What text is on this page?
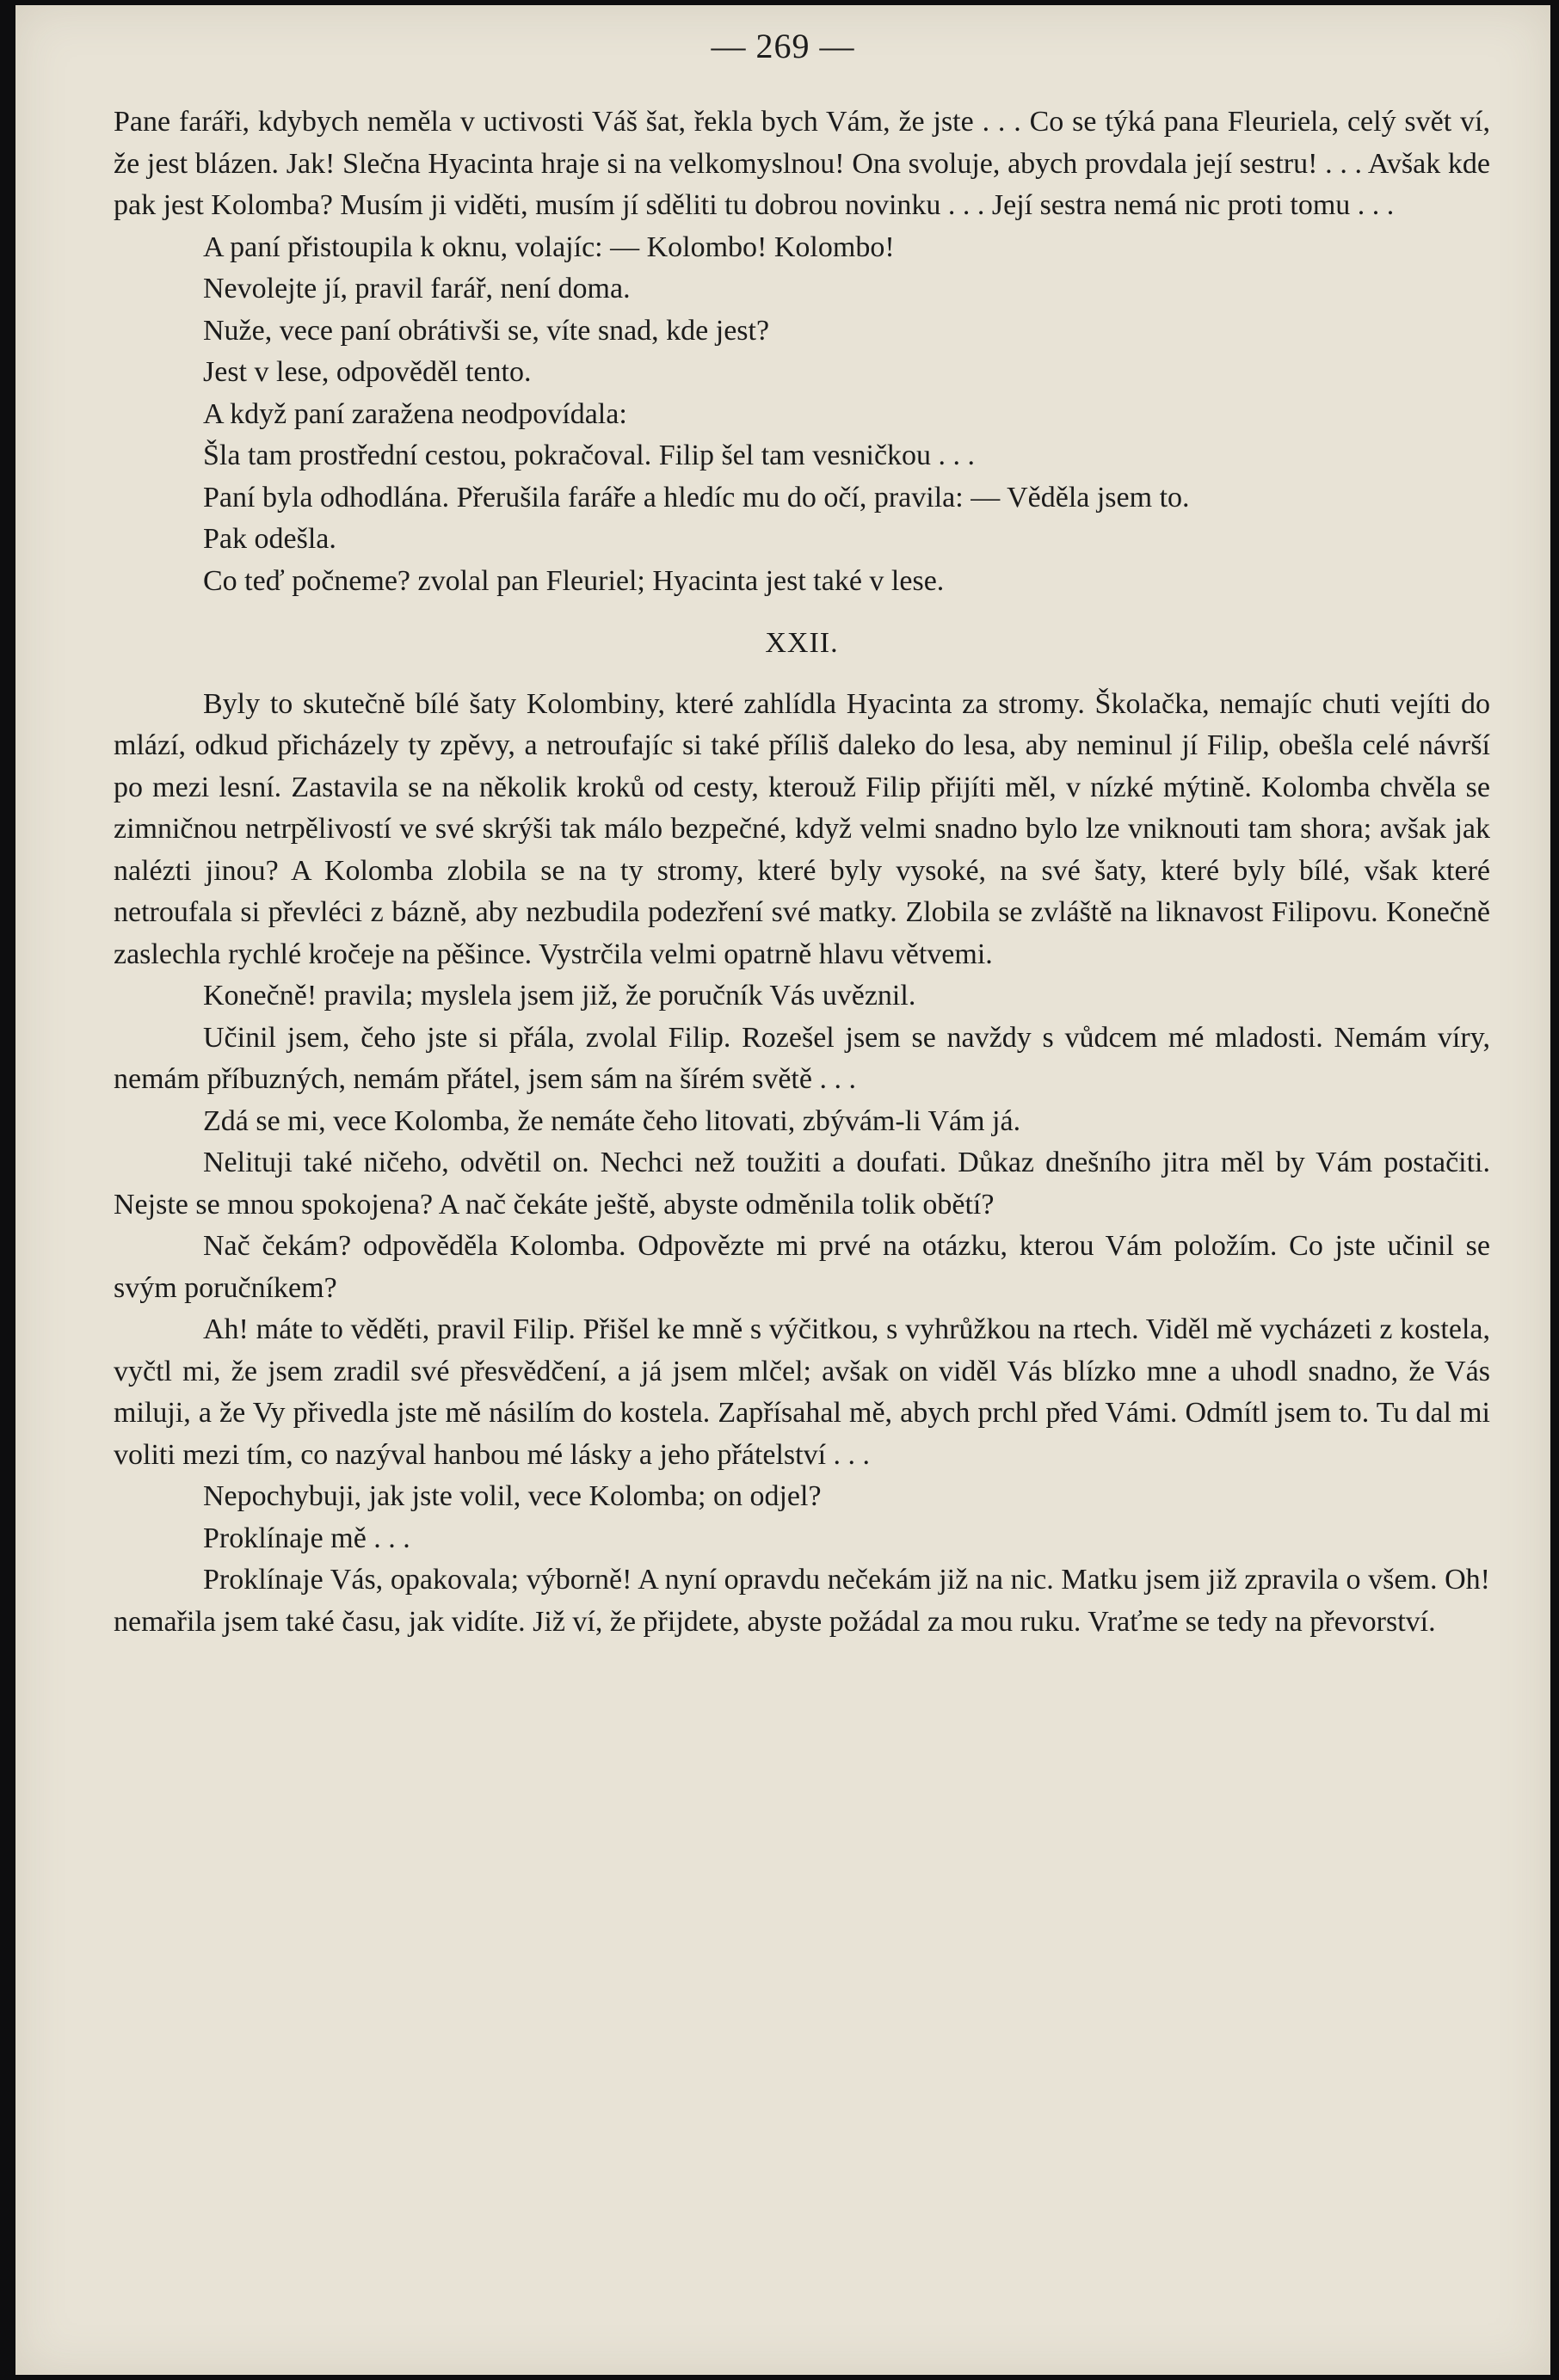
— 269 —

Pane faráři, kdybych neměla v uctivosti Váš šat, řekla bych Vám, že jste . . . Co se týká pana Fleuriela, celý svět ví, že jest blázen. Jak! Slečna Hyacinta hraje si na velkomyslnou! Ona svoluje, abych provdala její sestru! . . . Avšak kde pak jest Kolomba? Musím ji viděti, musím jí sděliti tu dobrou novinku . . . Její sestra nemá nic proti tomu . . .

A paní přistoupila k oknu, volajíc: — Kolombo! Kolombo!

Nevolejte jí, pravil farář, není doma.

Nuže, vece paní obrátivši se, víte snad, kde jest?

Jest v lese, odpověděl tento.

A když paní zaražena neodpovídala:

Šla tam prostřední cestou, pokračoval. Filip šel tam vesničkou . . .

Paní byla odhodlána. Přerušila faráře a hledíc mu do očí, pravila: — Věděla jsem to.

Pak odešla.

Co teď počneme? zvolal pan Fleuriel; Hyacinta jest také v lese.

XXII.

Byly to skutečně bílé šaty Kolombiny, které zahlídla Hyacinta za stromy. Školačka, nemajíc chuti vejíti do mlází, odkud přicházely ty zpěvy, a netroufajíc si také příliš daleko do lesa, aby neminul jí Filip, obešla celé návrší po mezi lesní. Zastavila se na několik kroků od cesty, kterouž Filip přijíti měl, v nízké mýtině. Kolomba chvěla se zimničnou netrpělivostí ve své skrýši tak málo bezpečné, když velmi snadno bylo lze vniknouti tam shora; avšak jak nalézti jinou? A Kolomba zlobila se na ty stromy, které byly vysoké, na své šaty, které byly bílé, však které netroufala si převléci z bázně, aby nezbudila podezření své matky. Zlobila se zvláště na liknavost Filipovu. Konečně zaslechla rychlé kročeje na pěšince. Vystrčila velmi opatrně hlavu větvemi.

Konečně! pravila; myslela jsem již, že poručník Vás uvěznil.

Učinil jsem, čeho jste si přála, zvolal Filip. Rozešel jsem se navždy s vůdcem mé mladosti. Nemám víry, nemám příbuzných, nemám přátel, jsem sám na šírém světě . . .

Zdá se mi, vece Kolomba, že nemáte čeho litovati, zbývám-li Vám já.

Nelituji také ničeho, odvětil on. Nechci než toužiti a doufati. Důkaz dnešního jitra měl by Vám postačiti. Nejste se mnou spokojena? A nač čekáte ještě, abyste odměnila tolik obětí?

Nač čekám? odpověděla Kolomba. Odpovězte mi prvé na otázku, kterou Vám položím. Co jste učinil se svým poručníkem?

Ah! máte to věděti, pravil Filip. Přišel ke mně s výčitkou, s vyhrůžkou na rtech. Viděl mě vycházeti z kostela, vyčtl mi, že jsem zradil své přesvědčení, a já jsem mlčel; avšak on viděl Vás blízko mne a uhodl snadno, že Vás miluji, a že Vy přivedla jste mě násilím do kostela. Zapřísahal mě, abych prchl před Vámi. Odmítl jsem to. Tu dal mi voliti mezi tím, co nazýval hanbou mé lásky a jeho přátelství . . .

Nepochybuji, jak jste volil, vece Kolomba; on odjel?

Proklínaje mě . . .

Proklínaje Vás, opakovala; výborně! A nyní opravdu nečekám již na nic. Matku jsem již zpravila o všem. Oh! nemařila jsem také času, jak vidíte. Již ví, že přijdete, abyste požádal za mou ruku. Vraťme se tedy na převorství.
